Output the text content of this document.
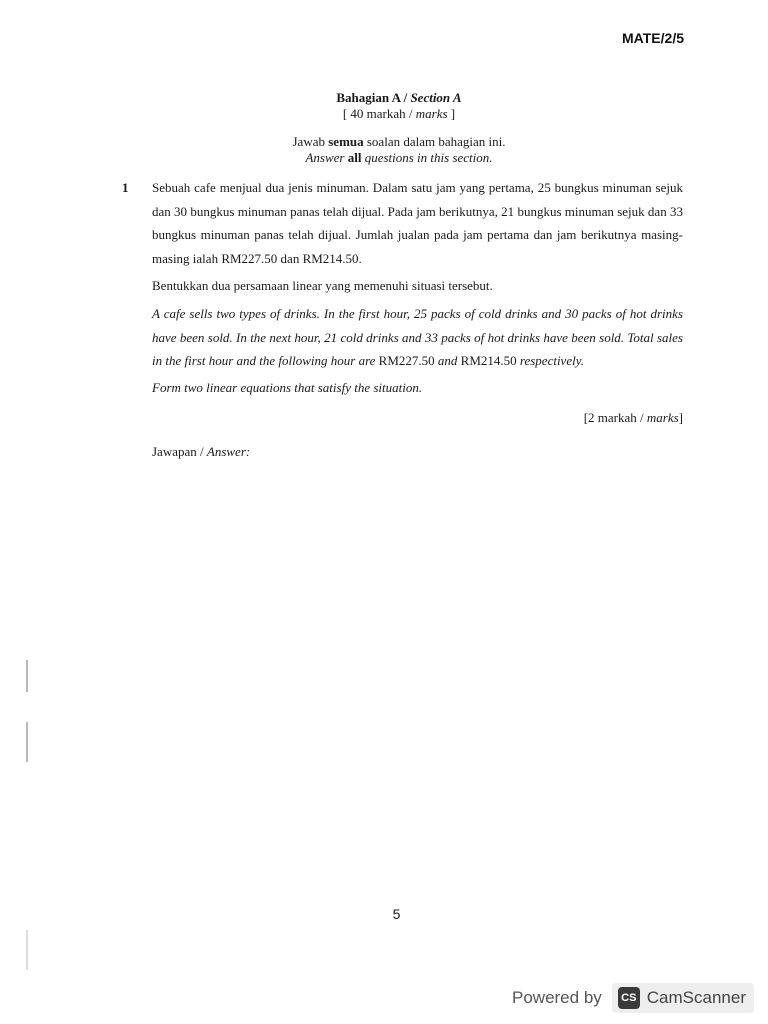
MATE/2/5
Bahagian A / Section A
[ 40 markah / marks ]
Jawab semua soalan dalam bahagian ini.
Answer all questions in this section.
1 Sebuah cafe menjual dua jenis minuman. Dalam satu jam yang pertama, 25 bungkus minuman sejuk dan 30 bungkus minuman panas telah dijual. Pada jam berikutnya, 21 bungkus minuman sejuk dan 33 bungkus minuman panas telah dijual. Jumlah jualan pada jam pertama dan jam berikutnya masing-masing ialah RM227.50 dan RM214.50.

Bentukkan dua persamaan linear yang memenuhi situasi tersebut.

A cafe sells two types of drinks. In the first hour, 25 packs of cold drinks and 30 packs of hot drinks have been sold. In the next hour, 21 cold drinks and 33 packs of hot drinks have been sold. Total sales in the first hour and the following hour are RM227.50 and RM214.50 respectively.

Form two linear equations that satisfy the situation.

[2 markah / marks]
Jawapan / Answer:
5
Powered by	CS CamScanner
